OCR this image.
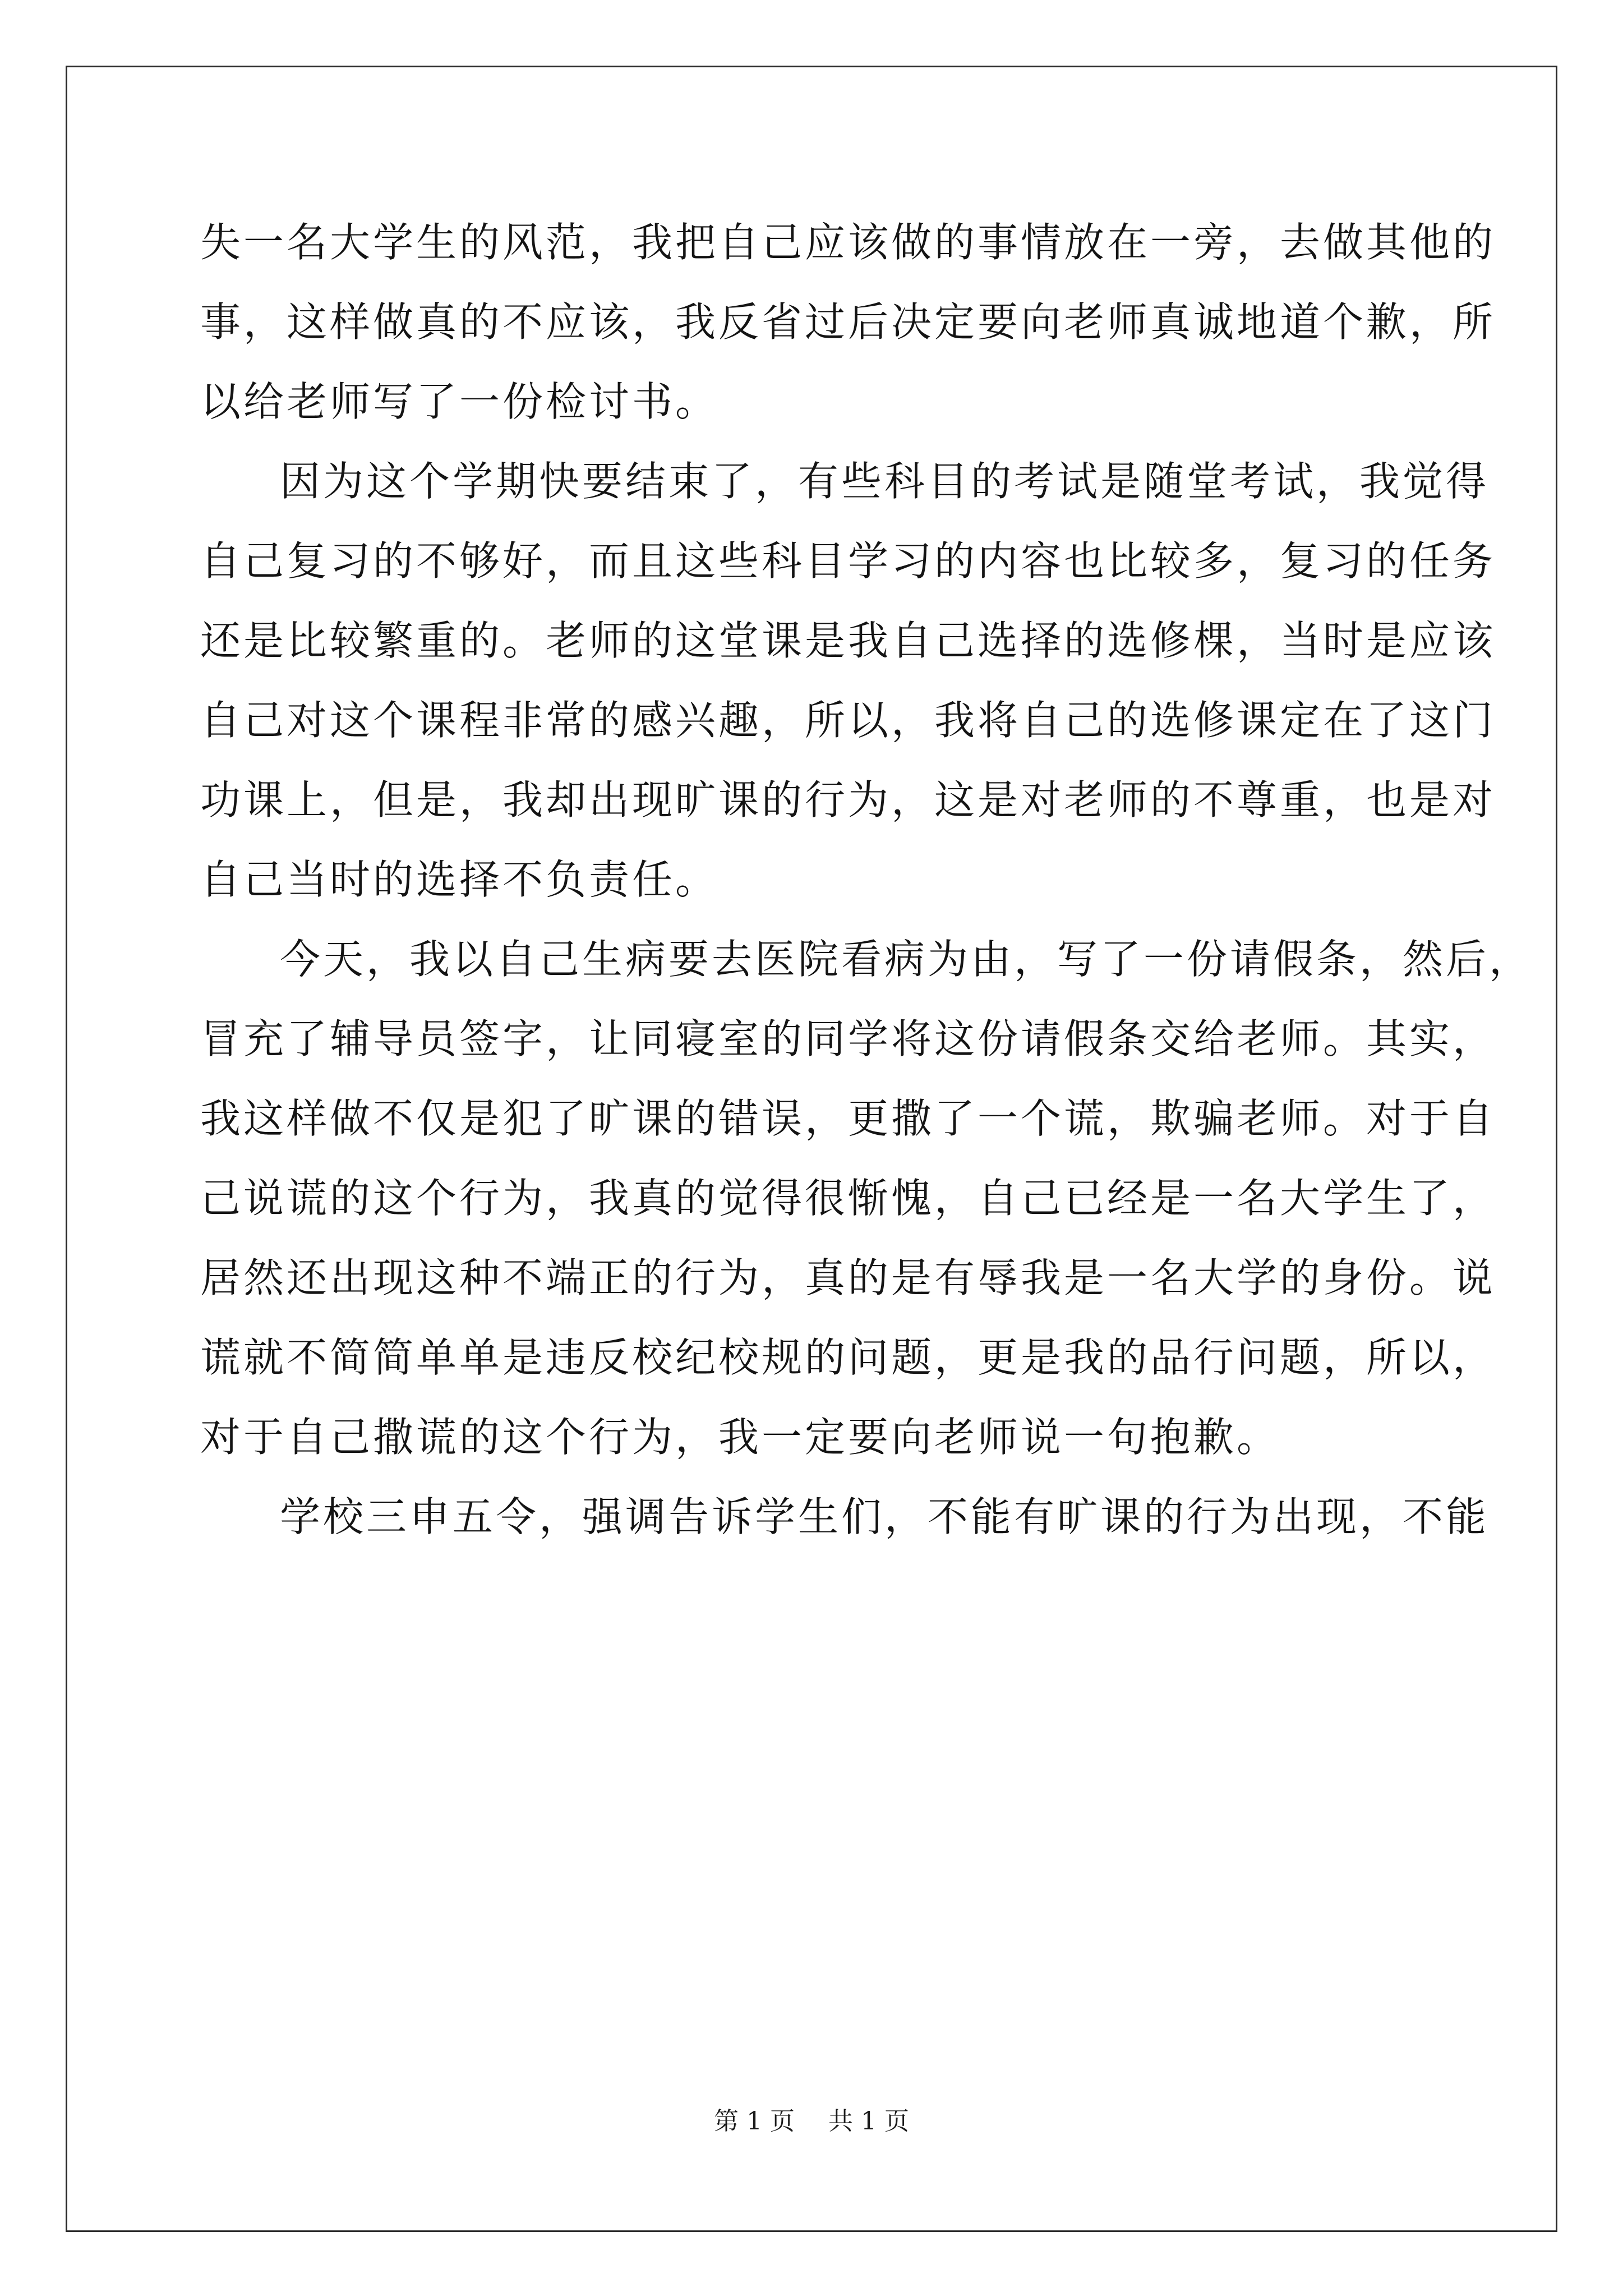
失一名大学生的风范，我把自己应该做的事情放在一旁，去做其他的
事，这样做真的不应该，我反省过后决定要向老师真诚地道个歉，所
以给老师写了一份检讨书。
因为这个学期快要结束了，有些科目的考试是随堂考试，我觉得
自己复习的不够好，而且这些科目学习的内容也比较多，复习的任务
还是比较繁重的。老师的这堂课是我自己选择的选修棵，当时是应该
自己对这个课程非常的感兴趣，所以，我将自己的选修课定在了这门
功课上，但是，我却出现旷课的行为，这是对老师的不尊重，也是对
自己当时的选择不负责任。
今天，我以自己生病要去医院看病为由，写了一份请假条，然后，
冒充了辅导员签字，让同寝室的同学将这份请假条交给老师。其实，
我这样做不仅是犯了旷课的错误，更撒了一个谎，欺骗老师。对于自
己说谎的这个行为，我真的觉得很惭愧，自己已经是一名大学生了，
居然还出现这种不端正的行为，真的是有辱我是一名大学的身份。说
谎就不简简单单是违反校纪校规的问题，更是我的品行问题，所以，
对于自己撒谎的这个行为，我一定要向老师说一句抱歉。
学校三申五令，强调告诉学生们，不能有旷课的行为出现，不能
第 1 页 共 1 页
